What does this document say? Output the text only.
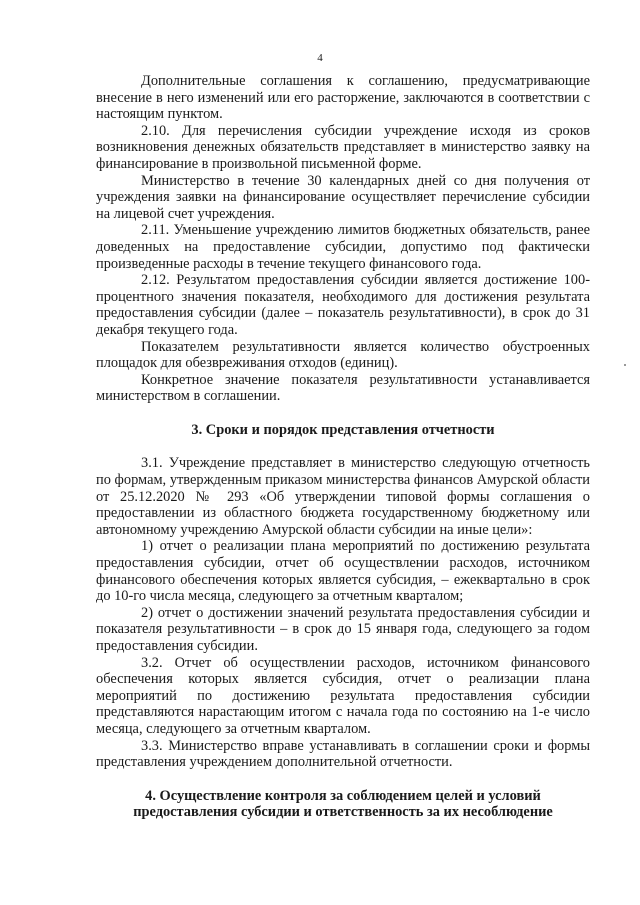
4

Дополнительные соглашения к соглашению, предусматривающие внесение в него изменений или его расторжение, заключаются в соответствии с настоящим пунктом.

2.10. Для перечисления субсидии учреждение исходя из сроков возникновения денежных обязательств представляет в министерство заявку на финансирование в произвольной письменной форме.

Министерство в течение 30 календарных дней со дня получения от учреждения заявки на финансирование осуществляет перечисление субсидии на лицевой счет учреждения.

2.11. Уменьшение учреждению лимитов бюджетных обязательств, ранее доведенных на предоставление субсидии, допустимо под фактически произведенные расходы в течение текущего финансового года.

2.12. Результатом предоставления субсидии является достижение 100-процентного значения показателя, необходимого для достижения результата предоставления субсидии (далее – показатель результативности), в срок до 31 декабря текущего года.

Показателем результативности является количество обустроенных площадок для обезвреживания отходов (единиц).

Конкретное значение показателя результативности устанавливается министерством в соглашении.

3. Сроки и порядок представления отчетности

3.1. Учреждение представляет в министерство следующую отчетность по формам, утвержденным приказом министерства финансов Амурской области от 25.12.2020 № 293 «Об утверждении типовой формы соглашения о предоставлении из областного бюджета государственному бюджетному или автономному учреждению Амурской области субсидии на иные цели»:

1) отчет о реализации плана мероприятий по достижению результата предоставления субсидии, отчет об осуществлении расходов, источником финансового обеспечения которых является субсидия, – ежеквартально в срок до 10-го числа месяца, следующего за отчетным кварталом;

2) отчет о достижении значений результата предоставления субсидии и показателя результативности – в срок до 15 января года, следующего за годом предоставления субсидии.

3.2. Отчет об осуществлении расходов, источником финансового обеспечения которых является субсидия, отчет о реализации плана мероприятий по достижению результата предоставления субсидии представляются нарастающим итогом с начала года по состоянию на 1-е число месяца, следующего за отчетным кварталом.

3.3. Министерство вправе устанавливать в соглашении сроки и формы представления учреждением дополнительной отчетности.

4. Осуществление контроля за соблюдением целей и условий
предоставления субсидии и ответственность за их несоблюдение
